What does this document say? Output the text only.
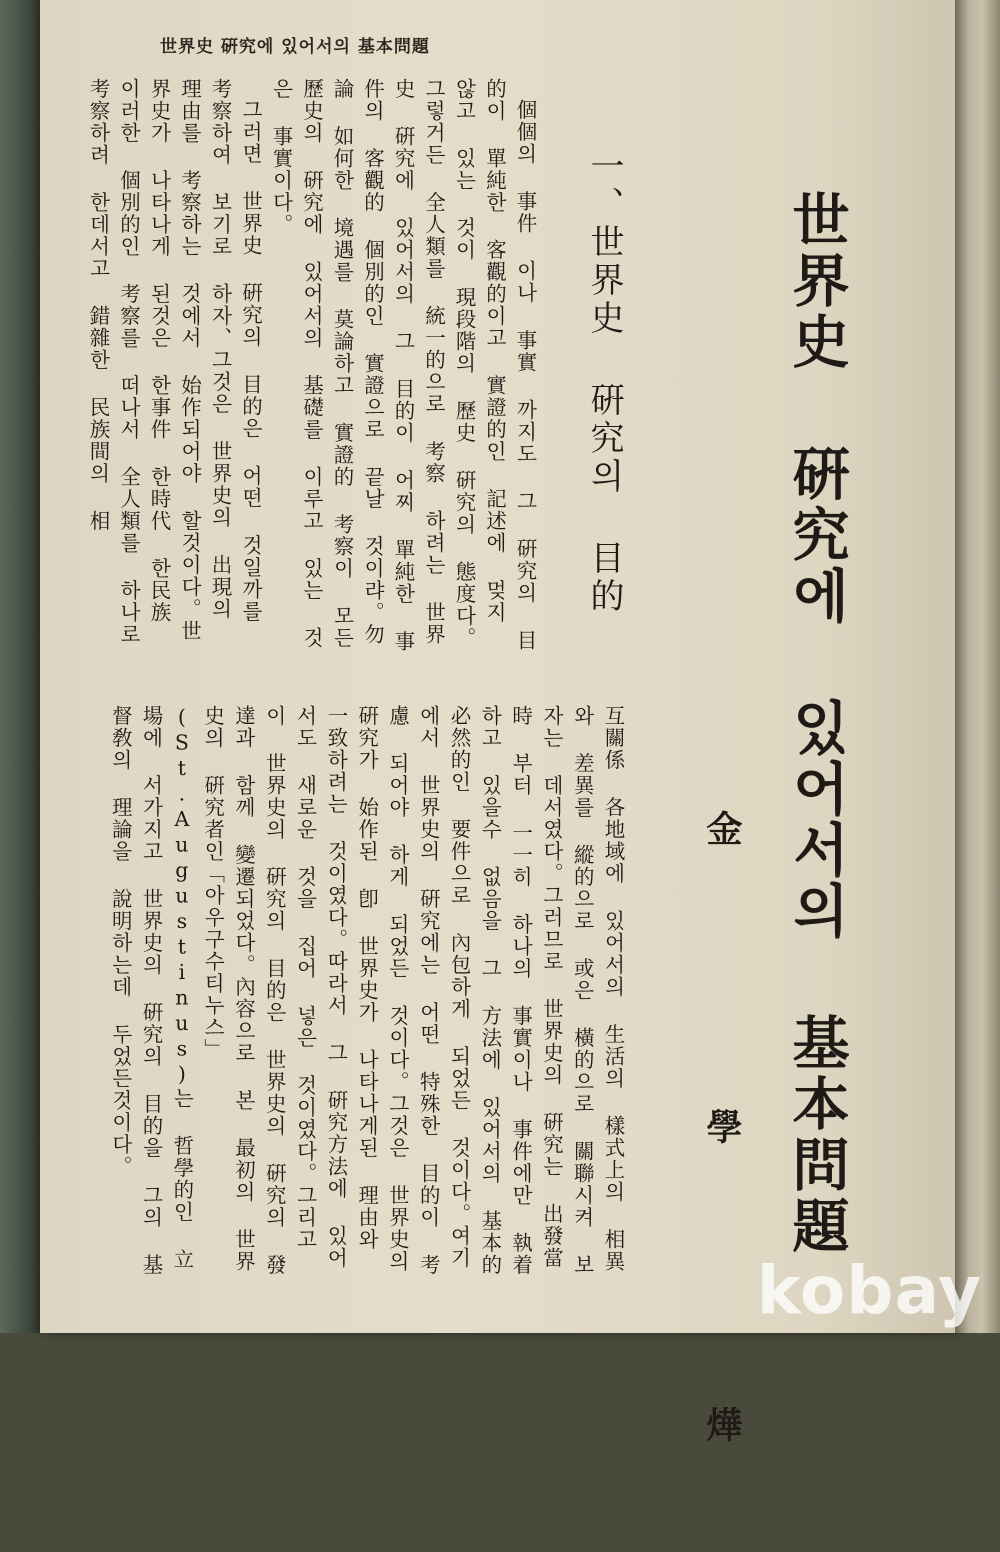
世界史 硏究에 있어서의 基本問題
世界史 硏究에 있어서의 基本問題
金 學 燁
一、世界史 硏究의 目的

個個의 事件 이나 事實 까지도 그 硏究의 目的이 單純한 客觀的이고 實證的인 記述에 멎지 않고 있는 것이 現段階의 歷史 硏究의 態度다。그렇거든 全人類를 統一的으로 考察 하려는 世界史 硏究에 있어서의 그 目的이 어찌 單純한 事件의 客觀的 個別的인 實證으로 끝날 것이랴。勿論 如何한 境遇를 莫論하고 實證的 考察이 모든 歷史의 硏究에 있어서의 基礎를 이루고 있는 것은 事實이다。

그러면 世界史 硏究의 目的은 어떤 것일까를 考察하여 보기로 하자、그것은 世界史의 出現의 理由를 考察하는 것에서 始作되어야 할것이다。世界史가 나타나게 된것은 한事件 한時代 한民族 이러한 個別的인 考察를 떠나서 全人類를 하나로 考察하려 한데서고 錯雜한 民族間의 相

互關係 各地域에 있어서의 生活의 樣式上의 相異와 差異를 縱的으로 或은 橫的으로 關聯시켜 보자는 데서였다。그러므로 世界史의 硏究는 出發當時 부터 一一히 하나의 事實이나 事件에만 執着하고 있을수 없음을 그 方法에 있어서의 基本的 必然的인 要件으로 內包하게 되었든 것이다。여기에서 世界史의 硏究에는 어떤 特殊한 目的이 考慮 되어야 하게 되었든 것이다。그것은 世界史의 硏究가 始作된 卽 世界史가 나타나게된 理由와 一致하려는 것이였다。따라서 그 硏究方法에 있어서도 새로운 것을 집어 넣은 것이였다。그리고 이 世界史의 硏究의 目的은 世界史의 硏究의 發達과 함께 變遷되었다。內容으로 본 最初의 世界史의 硏究者인「아우구수티누스」(St.Augustinus)는 哲學的인 立場에 서가지고 世界史의 硏究의 目的을 그의 基督敎의 理論을 說明하는데 두었든것이다。

kobay
